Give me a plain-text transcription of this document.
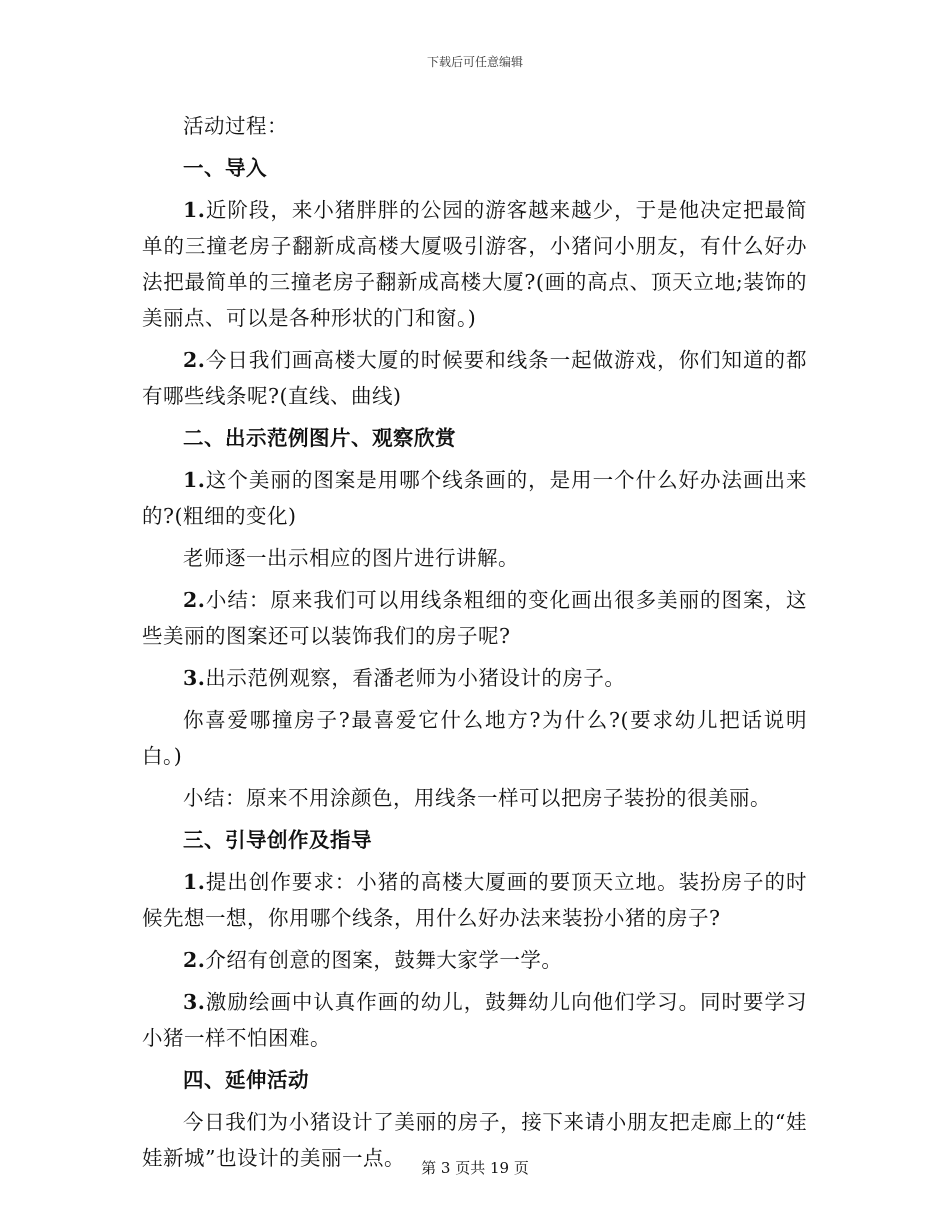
下载后可任意编辑

活动过程：

一、导入

1.近阶段，来小猪胖胖的公园的游客越来越少，于是他决定把最简单的三撞老房子翻新成高楼大厦吸引游客，小猪问小朋友，有什么好办法把最简单的三撞老房子翻新成高楼大厦?(画的高点、顶天立地;装饰的美丽点、可以是各种形状的门和窗。)

2.今日我们画高楼大厦的时候要和线条一起做游戏，你们知道的都有哪些线条呢?(直线、曲线)

二、出示范例图片、观察欣赏

1.这个美丽的图案是用哪个线条画的，是用一个什么好办法画出来的?(粗细的变化)

老师逐一出示相应的图片进行讲解。

2.小结：原来我们可以用线条粗细的变化画出很多美丽的图案，这些美丽的图案还可以装饰我们的房子呢?

3.出示范例观察，看潘老师为小猪设计的房子。

你喜爱哪撞房子?最喜爱它什么地方?为什么?(要求幼儿把话说明白。)

小结：原来不用涂颜色，用线条一样可以把房子装扮的很美丽。

三、引导创作及指导

1.提出创作要求：小猪的高楼大厦画的要顶天立地。装扮房子的时候先想一想，你用哪个线条，用什么好办法来装扮小猪的房子?

2.介绍有创意的图案，鼓舞大家学一学。

3.激励绘画中认真作画的幼儿，鼓舞幼儿向他们学习。同时要学习小猪一样不怕困难。

四、延伸活动

今日我们为小猪设计了美丽的房子，接下来请小朋友把走廊上的“娃娃新城”也设计的美丽一点。	第 3 页共 19 页
